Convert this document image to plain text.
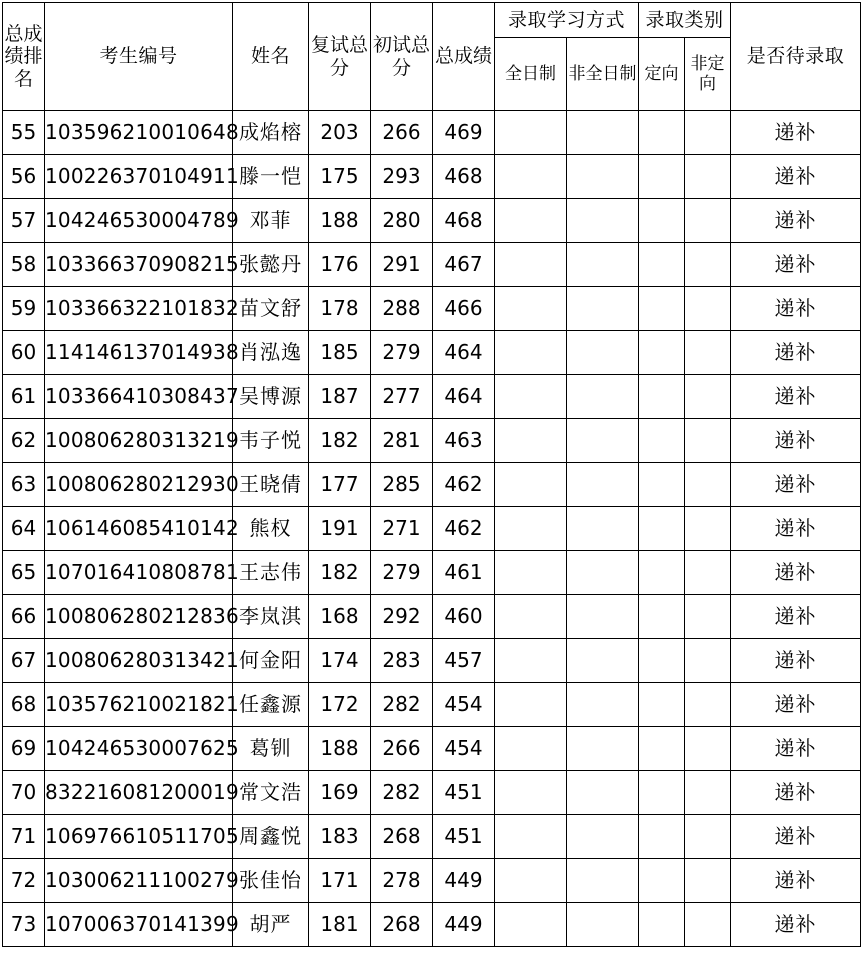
总成绩排名	考生编号	姓名	复试总分	初试总分	总成绩	录取学习方式		录取类别		是否待录取
						全日制	非全日制	定向	非定向	
55	103596210010648	成焰榕	203	266	469					递补
56	100226370104911	滕一恺	175	293	468					递补
57	104246530004789	邓菲	188	280	468					递补
58	103366370908215	张懿丹	176	291	467					递补
59	103366322101832	苗文舒	178	288	466					递补
60	114146137014938	肖泓逸	185	279	464					递补
61	103366410308437	吴博源	187	277	464					递补
62	100806280313219	韦子悦	182	281	463					递补
63	100806280212930	王晓倩	177	285	462					递补
64	106146085410142	熊权	191	271	462					递补
65	107016410808781	王志伟	182	279	461					递补
66	100806280212836	李岚淇	168	292	460					递补
67	100806280313421	何金阳	174	283	457					递补
68	103576210021821	任鑫源	172	282	454					递补
69	104246530007625	葛钏	188	266	454					递补
70	832216081200019	常文浩	169	282	451					递补
71	106976610511705	周鑫悦	183	268	451					递补
72	103006211100279	张佳怡	171	278	449					递补
73	107006370141399	胡严	181	268	449					递补
